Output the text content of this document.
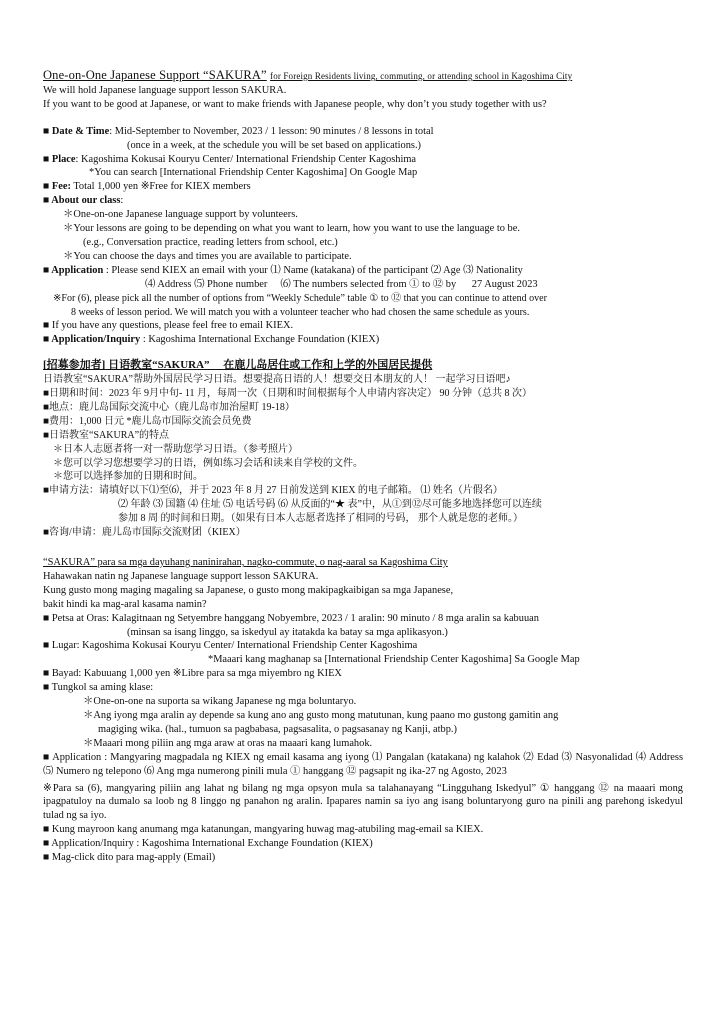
One-on-One Japanese Support “SAKURA” for Foreign Residents living, commuting, or attending school in Kagoshima City
We will hold Japanese language support lesson SAKURA.
If you want to be good at Japanese, or want to make friends with Japanese people, why don’t you study together with us?
■ Date & Time: Mid-September to November, 2023 / 1 lesson: 90 minutes / 8 lessons in total
(once in a week, at the schedule you will be set based on applications.)
■ Place: Kagoshima Kokusai Kouryu Center/ International Friendship Center Kagoshima
*You can search [International Friendship Center Kagoshima] On Google Map
■ Fee: Total 1,000 yen ※Free for KIEX members
■ About our class:
＊One-on-one Japanese language support by volunteers.
＊Your lessons are going to be depending on what you want to learn, how you want to use the language to be.
(e.g., Conversation practice, reading letters from school, etc.)
＊You can choose the days and times you are available to participate.
■ Application : Please send KIEX an email with your ⑴ Name (katakana) of the participant ⑵ Age ⑶ Nationality
⑷ Address ⑸ Phone number  ⑹ The numbers selected from ① to ⑫ by   27 August 2023
※For (6), please pick all the number of options from “Weekly Schedule” table ① to ⑫ that you can continue to attend over
8 weeks of lesson period. We will match you with a volunteer teacher who had chosen the same schedule as yours.
■ If you have any questions, please feel free to email KIEX.
■ Application/Inquiry : Kagoshima International Exchange Foundation (KIEX)
[招募参加者] 日语教室“SAKURA” 　在鹿儿岛居住或工作和上学的外国居民提供
日语教室“SAKURA”帮助外国居民学习日语。想要提高日语的人！想要交日本朋友的人！ 一起学习日语吧♪
■日期和时间：2023 年 9月中旬- 11 月，每周一次（日期和时间根据每个人申请内容决定） 90 分钟（总共 8 次）
■地点：鹿儿岛国际交流中心（鹿儿岛市加治屋町 19-18）
■费用：1,000 日元 *鹿儿岛市国际交流会员免费
■日语教室“SAKURA”的特点
＊日本人志愿者将一对一帮助您学习日语。（参考照片）
＊您可以学习您想要学习的日语，例如练习会话和读来自学校的文件。
＊您可以选择参加的日期和时间。
■申请方法：请填好以下⑴至⑹，并于 2023 年 8 月 27 日前发送到 KIEX 的电子邮箱。 ⑴ 姓名（片假名）
⑵ 年龄 ⑶ 国籍 ⑷ 住址 ⑸ 电话号码 ⑹ 从反面的“★ 表”中，从①到⑫尽可能多地选择您可以连续
参加 8 周 的时间和日期。（如果有日本人志愿者选择了相同的号码， 那个人就是您的老师。）
■咨询/申请：鹿儿岛市国际交流财团（KIEX）
“SAKURA” para sa mga dayuhang naninirahan, nagko-commute, o nag-aaral sa Kagoshima City
Hahawakan natin ng Japanese language support lesson SAKURA.
Kung gusto mong maging magaling sa Japanese, o gusto mong makipagkaibigan sa mga Japanese,
bakit hindi ka mag-aral kasama namin?
■ Petsa at Oras: Kalagitnaan ng Setyembre hanggang Nobyembre, 2023 / 1 aralin: 90 minuto / 8 mga aralin sa kabuuan
(minsan sa isang linggo, sa iskedyul ay itatakda ka batay sa mga aplikasyon.)
■ Lugar: Kagoshima Kokusai Kouryu Center/ International Friendship Center Kagoshima
*Maaari kang maghanap sa [International Friendship Center Kagoshima] Sa Google Map
■ Bayad: Kabuuang 1,000 yen ※Libre para sa mga miyembro ng KIEX
■ Tungkol sa aming klase:
＊One-on-one na suporta sa wikang Japanese ng mga boluntaryo.
＊Ang iyong mga aralin ay depende sa kung ano ang gusto mong matutunan, kung paano mo gustong gamitin ang
magiging wika. (hal., tumuon sa pagbabasa, pagsasalita, o pagsasanay ng Kanji, atbp.)
＊Maaari mong piliin ang mga araw at oras na maaari kang lumahok.
■ Application : Mangyaring magpadala ng KIEX ng email kasama ang iyong ⑴ Pangalan (katakana) ng kalahok ⑵ Edad ⑶ Nasyonalidad ⑷ Address ⑸ Numero ng telepono ⑹ Ang mga numerong pinili mula ① hanggang ⑫ pagsapit ng ika-27 ng Agosto, 2023
※Para sa (6), mangyaring piliin ang lahat ng bilang ng mga opsyon mula sa talahanayang “Lingguhang Iskedyul” ① hanggang ⑫ na maaari mong ipagpatuloy na dumalo sa loob ng 8 linggo ng panahon ng aralin. Ipapares namin sa iyo ang isang boluntaryong guro na pinili ang parehong iskedyul tulad ng sa iyo.
■ Kung mayroon kang anumang mga katanungan, mangyaring huwag mag-atubiling mag-email sa KIEX.
■ Application/Inquiry : Kagoshima International Exchange Foundation (KIEX)
■ Mag-click dito para mag-apply (Email)
